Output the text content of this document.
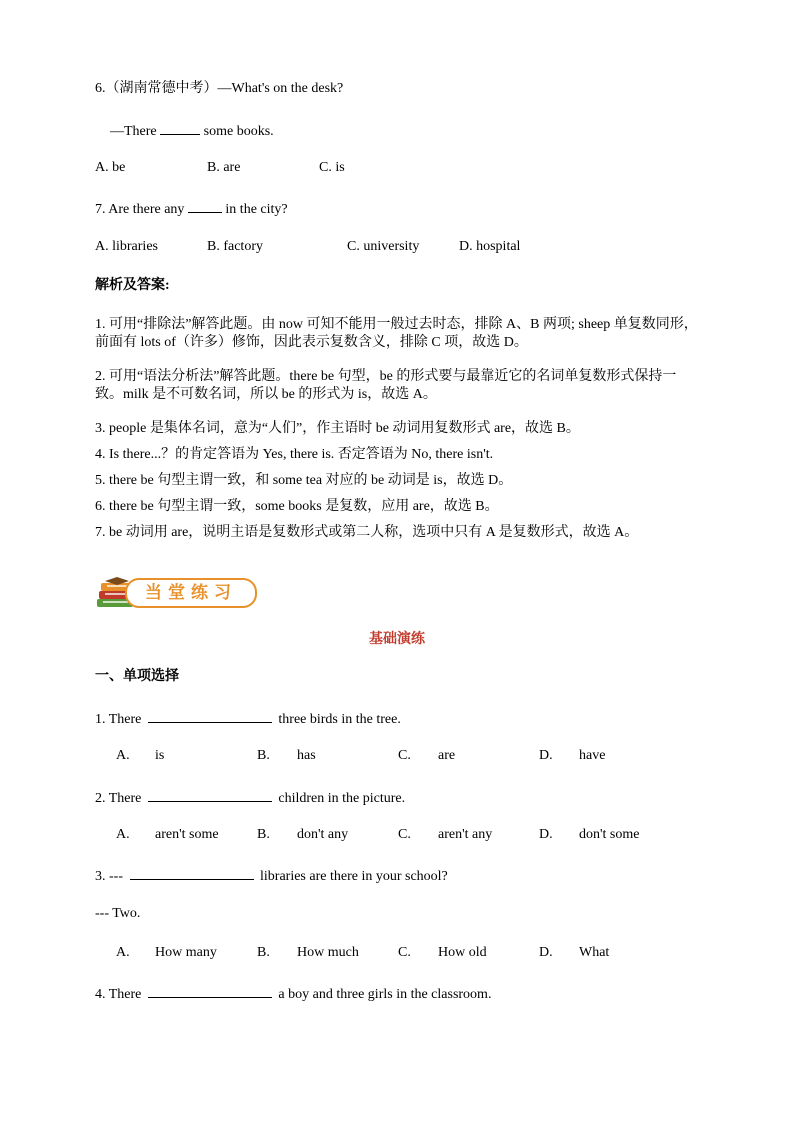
6.（湖南常德中考）—What's on the desk?
—There	some books.
A. be	B. are	C. is
7. Are there any	in the city?
A. libraries	B. factory	C. university	D. hospital
解析及答案:
1. 可用“排除法”解答此题。由 now 可知不能用一般过去时态，排除 A、B 两项; sheep 单复数同形，前面有 lots of（许多）修饰，因此表示复数含义，排除 C 项，故选 D。
2. 可用“语法分析法”解答此题。there be 句型，be 的形式要与最靠近它的名词单复数形式保持一致。milk 是不可数名词，所以 be 的形式为 is，故选 A。
3. people 是集体名词，意为“人们”，作主语时 be 动词用复数形式 are，故选 B。
4. Is there...？的肯定答语为 Yes, there is. 否定答语为 No, there isn't.
5. there be 句型主谓一致，和 some tea 对应的 be 动词是 is，故选 D。
6. there be 句型主谓一致，some books 是复数，应用 are，故选 B。
7. be 动词用 are，说明主语是复数形式或第二人称，选项中只有 A 是复数形式，故选 A。
当堂练习
基础演练
一、单项选择
1. There	three birds in the tree.
A. is	B. has	C. are	D. have
2. There	children in the picture.
A. aren't some	B. don't any	C. aren't any	D. don't some
3. ---	libraries are there in your school?
--- Two.
A. How many	B. How much	C. How old	D. What
4. There	a boy and three girls in the classroom.
